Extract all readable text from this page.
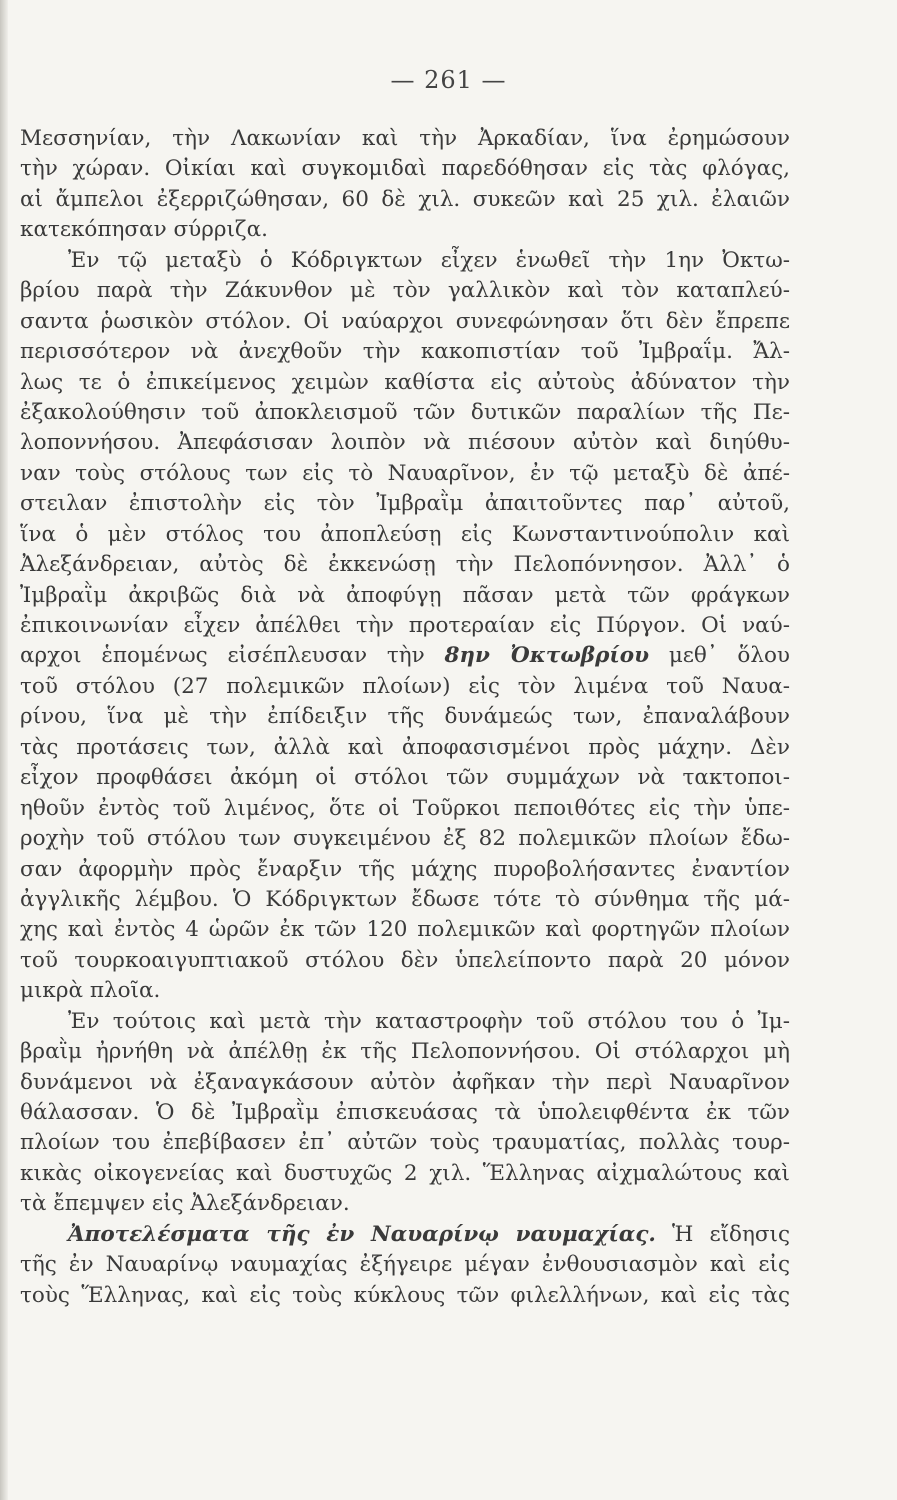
— 261 —
Μεσσηνίαν, τὴν Λακωνίαν καὶ τὴν Ἀρκαδίαν, ἵνα ἐρημώσουν
τὴν χώραν. Οἰκίαι καὶ συγκομιδαὶ παρεδόθησαν εἰς τὰς φλόγας,
αἱ ἄμπελοι ἐξερριζώθησαν, 60 δὲ χιλ. συκεῶν καὶ 25 χιλ. ἐλαιῶν
κατεκόπησαν σύρριζα.
Ἐν τῷ μεταξὺ ὁ Κόδριγκτων εἶχεν ἑνωθεῖ τὴν 1ην Ὀκτω-
βρίου παρὰ τὴν Ζάκυνθον μὲ τὸν γαλλικὸν καὶ τὸν καταπλεύ-
σαντα ῥωσικὸν στόλον. Οἱ ναύαρχοι συνεφώνησαν ὅτι δὲν ἔπρεπε
περισσότερον νὰ ἀνεχθοῦν τὴν κακοπιστίαν τοῦ Ἰμβραΐμ. Ἄλ-
λως τε ὁ ἐπικείμενος χειμὼν καθίστα εἰς αὐτοὺς ἀδύνατον τὴν
ἐξακολούθησιν τοῦ ἀποκλεισμοῦ τῶν δυτικῶν παραλίων τῆς Πε-
λοποννήσου. Ἀπεφάσισαν λοιπὸν νὰ πιέσουν αὐτὸν καὶ διηύθυ-
ναν τοὺς στόλους των εἰς τὸ Ναυαρῖνον, ἐν τῷ μεταξὺ δὲ ἀπέ-
στειλαν ἐπιστολὴν εἰς τὸν Ἰμβραῒμ ἀπαιτοῦντες παρ᾿ αὐτοῦ,
ἵνα ὁ μὲν στόλος του ἀποπλεύσῃ εἰς Κωνσταντινούπολιν καὶ
Ἀλεξάνδρειαν, αὐτὸς δὲ ἐκκενώσῃ τὴν Πελοπόννησον. Ἀλλ᾿ ὁ
Ἰμβραῒμ ἀκριβῶς διὰ νὰ ἀποφύγῃ πᾶσαν μετὰ τῶν φράγκων
ἐπικοινωνίαν εἶχεν ἀπέλθει τὴν προτεραίαν εἰς Πύργον. Οἱ ναύ-
αρχοι ἑπομένως εἰσέπλευσαν τὴν 8ην Ὀκτωβρίου μεθ᾿ ὅλου
τοῦ στόλου (27 πολεμικῶν πλοίων) εἰς τὸν λιμένα τοῦ Ναυα-
ρίνου, ἵνα μὲ τὴν ἐπίδειξιν τῆς δυνάμεώς των, ἐπαναλάβουν
τὰς προτάσεις των, ἀλλὰ καὶ ἀποφασισμένοι πρὸς μάχην. Δὲν
εἶχον προφθάσει ἀκόμη οἱ στόλοι τῶν συμμάχων νὰ τακτοποι-
ηθοῦν ἐντὸς τοῦ λιμένος, ὅτε οἱ Τοῦρκοι πεποιθότες εἰς τὴν ὑπε-
ροχὴν τοῦ στόλου των συγκειμένου ἐξ 82 πολεμικῶν πλοίων ἔδω-
σαν ἀφορμὴν πρὸς ἔναρξιν τῆς μάχης πυροβολήσαντες ἐναντίον
ἀγγλικῆς λέμβου. Ὁ Κόδριγκτων ἔδωσε τότε τὸ σύνθημα τῆς μά-
χης καὶ ἐντὸς 4 ὡρῶν ἐκ τῶν 120 πολεμικῶν καὶ φορτηγῶν πλοίων
τοῦ τουρκοαιγυπτιακοῦ στόλου δὲν ὑπελείποντο παρὰ 20 μόνον
μικρὰ πλοῖα.
Ἐν τούτοις καὶ μετὰ τὴν καταστροφὴν τοῦ στόλου του ὁ Ἰμ-
βραῒμ ἠρνήθη νὰ ἀπέλθῃ ἐκ τῆς Πελοποννήσου. Οἱ στόλαρχοι μὴ
δυνάμενοι νὰ ἐξαναγκάσουν αὐτὸν ἀφῆκαν τὴν περὶ Ναυαρῖνον
θάλασσαν. Ὁ δὲ Ἰμβραῒμ ἐπισκευάσας τὰ ὑπολειφθέντα ἐκ τῶν
πλοίων του ἐπεβίβασεν ἐπ᾿ αὐτῶν τοὺς τραυματίας, πολλὰς τουρ-
κικὰς οἰκογενείας καὶ δυστυχῶς 2 χιλ. Ἕλληνας αἰχμαλώτους καὶ
τὰ ἔπεμψεν εἰς Ἀλεξάνδρειαν.
Ἀποτελέσματα τῆς ἐν Ναυαρίνῳ ναυμαχίας. Ἡ εἴδησις
τῆς ἐν Ναυαρίνῳ ναυμαχίας ἐξήγειρε μέγαν ἐνθουσιασμὸν καὶ εἰς
τοὺς Ἕλληνας, καὶ εἰς τοὺς κύκλους τῶν φιλελλήνων, καὶ εἰς τὰς
